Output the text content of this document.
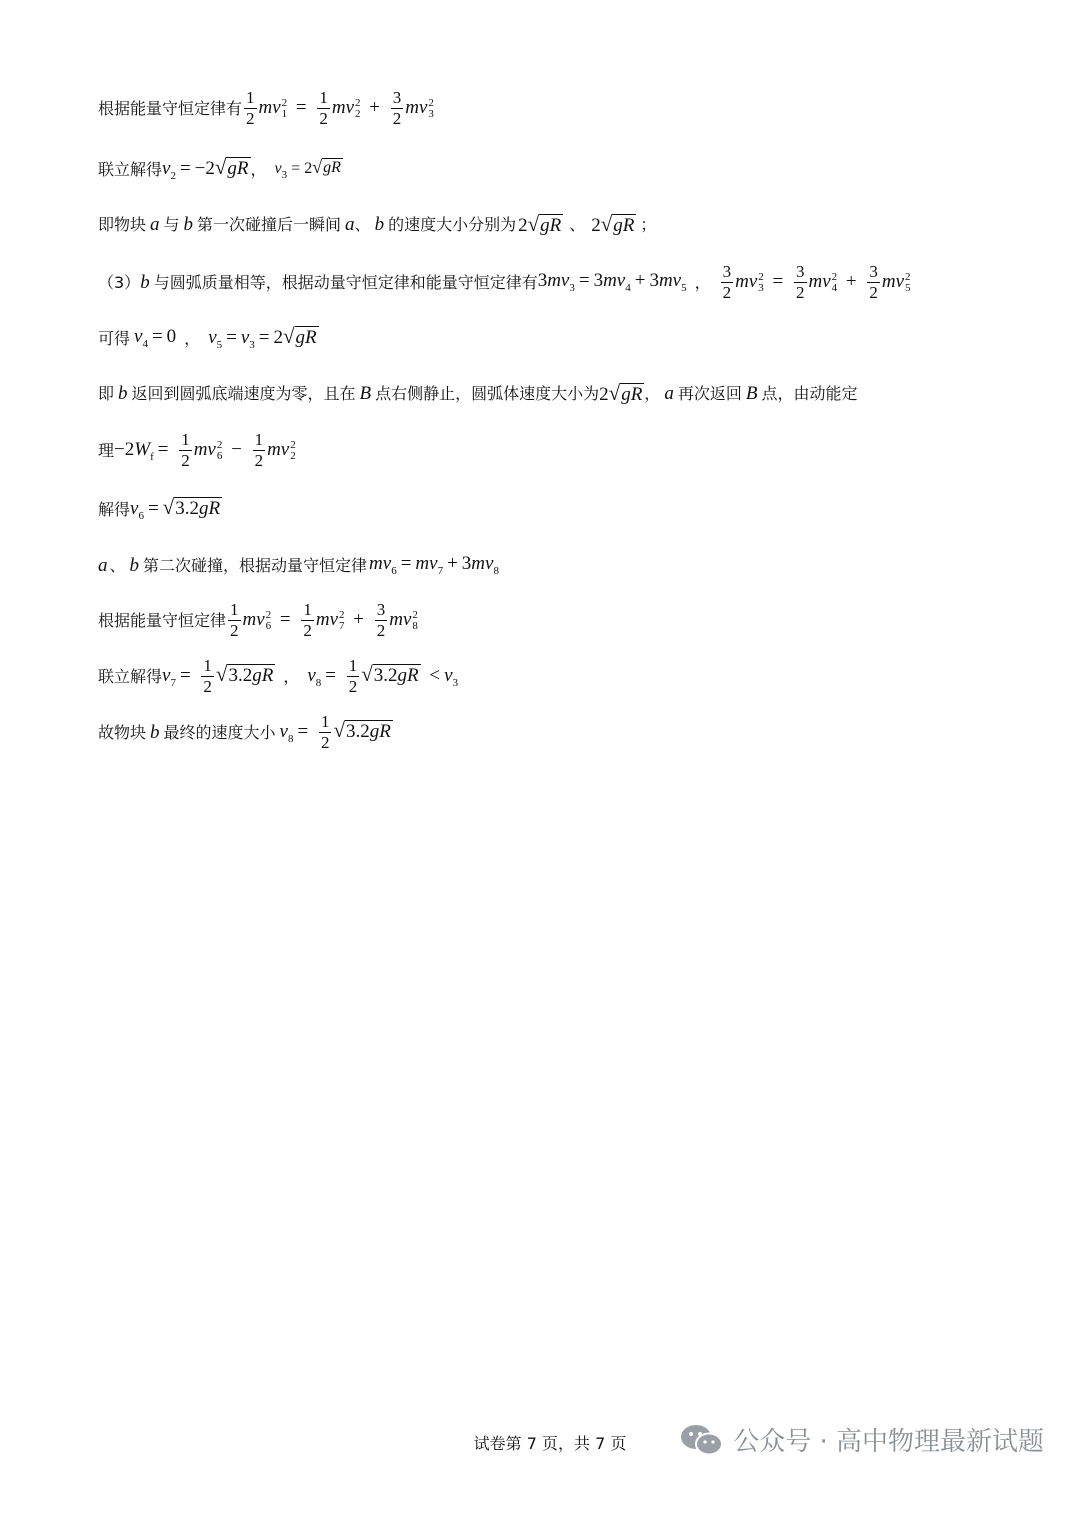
根据能量守恒定律有 $\frac{1}{2}$ mv 2
$1 = \frac{1}{2}$ mv 2
$2 + \frac{3}{2}$ mv 2
3
联立解得 $v_2 = -2$ √ gR ， $v_3 = 2$ √ gR
即物块 a 与 b 第一次碰撞后一瞬间 a 、 b 的速度大小分别为 2 √ gR 、 2 √ gR ；
（3） b 与圆弧质量相等，根据动量守恒定律和能量守恒定律有 $3mv_3 = 3mv_4 + 3mv_5$ ， $\frac{3}{2}$ mv 2
$3 = \frac{3}{2}$ mv 2
$4 + \frac{3}{2}$ mv 2
5
可得 $v_4 = 0$ ， $v_5 = v_3 = 2$ √ gR
即 b 返回到圆弧底端速度为零，且在 B 点右侧静止，圆弧体速度大小为 2 √ gR ， a 再次返回 B 点，由动能定
理 $-2W_f = \frac{1}{2}$ mv 2
$6 - \frac{1}{2}$ mv 2
2
解得 $v_6$ = √ 3.2gR
a 、 b 第二次碰撞，根据动量守恒定律 $mv_6 = mv_7 + 3mv_8$
根据能量守恒定律 $\frac{1}{2}$ mv 2
$6 = \frac{1}{2}$ mv 2
$7 + \frac{3}{2}$ mv 2
8
联立解得 $v_7 = \frac{1}{2}$ √ 3.2gR ， $v_8 = \frac{1}{2}$ √ $3.2gR < v_3$
故物块 b 最终的速度大小 $v_8 = \frac{1}{2}$ √ 3.2gR
试卷第 7 页，共 7 页	公众号 · 高中物理最新试题
